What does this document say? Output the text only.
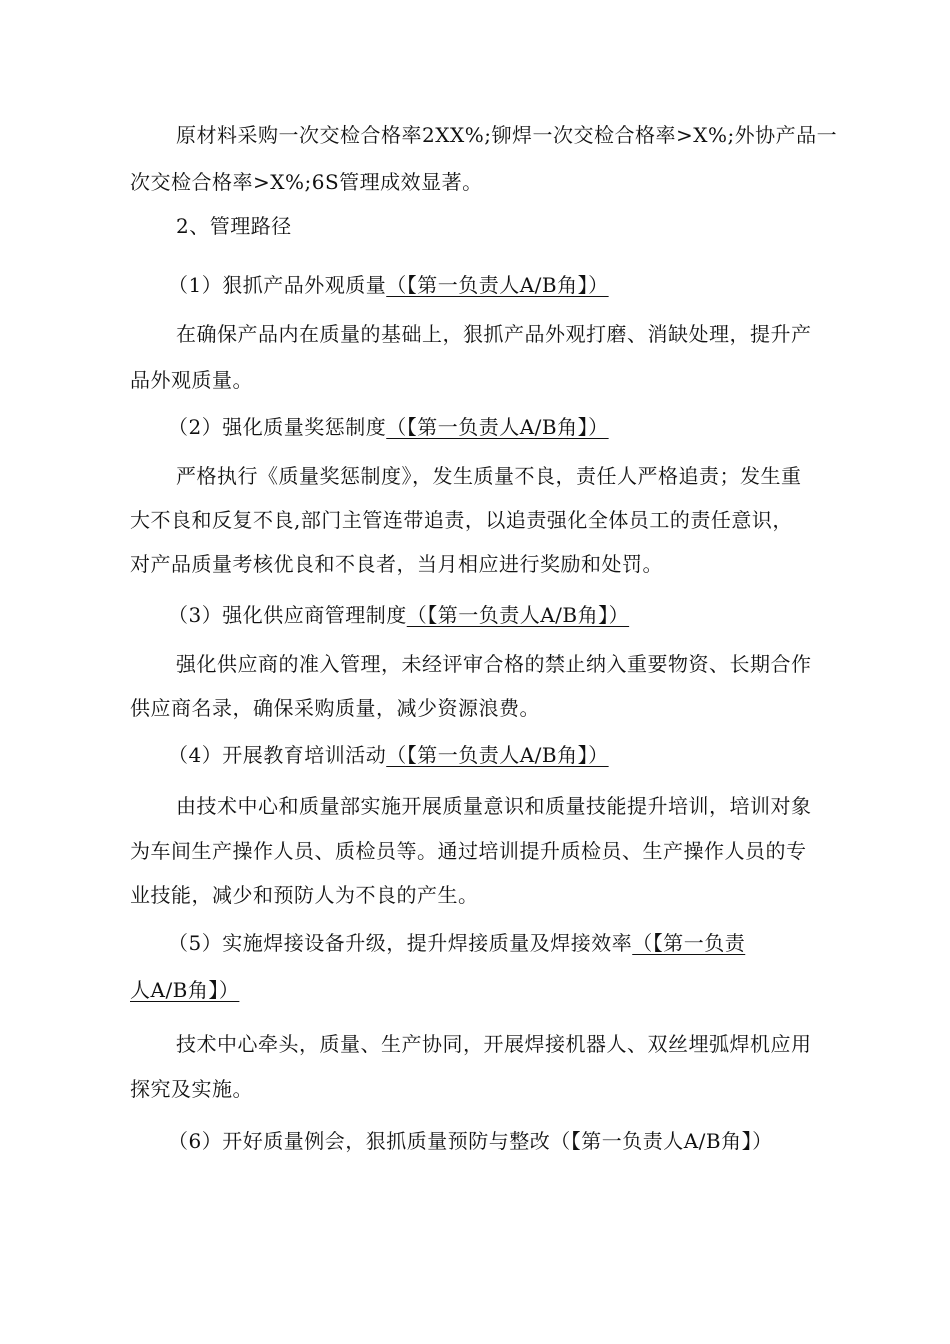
原材料采购一次交检合格率2XX%;铆焊一次交检合格率>X%;外协产品一
次交检合格率>X%;6S管理成效显著。
2、管理路径
（1）狠抓产品外观质量（【第一负责人A/B角】）
在确保产品内在质量的基础上，狠抓产品外观打磨、消缺处理，提升产
品外观质量。
（2）强化质量奖惩制度（【第一负责人A/B角】）
严格执行《质量奖惩制度》，发生质量不良，责任人严格追责；发生重
大不良和反复不良,部门主管连带追责，以追责强化全体员工的责任意识，
对产品质量考核优良和不良者，当月相应进行奖励和处罚。
（3）强化供应商管理制度（【第一负责人A/B角】）
强化供应商的准入管理，未经评审合格的禁止纳入重要物资、长期合作
供应商名录，确保采购质量，减少资源浪费。
（4）开展教育培训活动（【第一负责人A/B角】）
由技术中心和质量部实施开展质量意识和质量技能提升培训，培训对象
为车间生产操作人员、质检员等。通过培训提升质检员、生产操作人员的专
业技能，减少和预防人为不良的产生。
（5）实施焊接设备升级，提升焊接质量及焊接效率（【第一负责
人A/B角】）
技术中心牵头，质量、生产协同，开展焊接机器人、双丝埋弧焊机应用
探究及实施。
（6）开好质量例会，狠抓质量预防与整改（【第一负责人A/B角】）
